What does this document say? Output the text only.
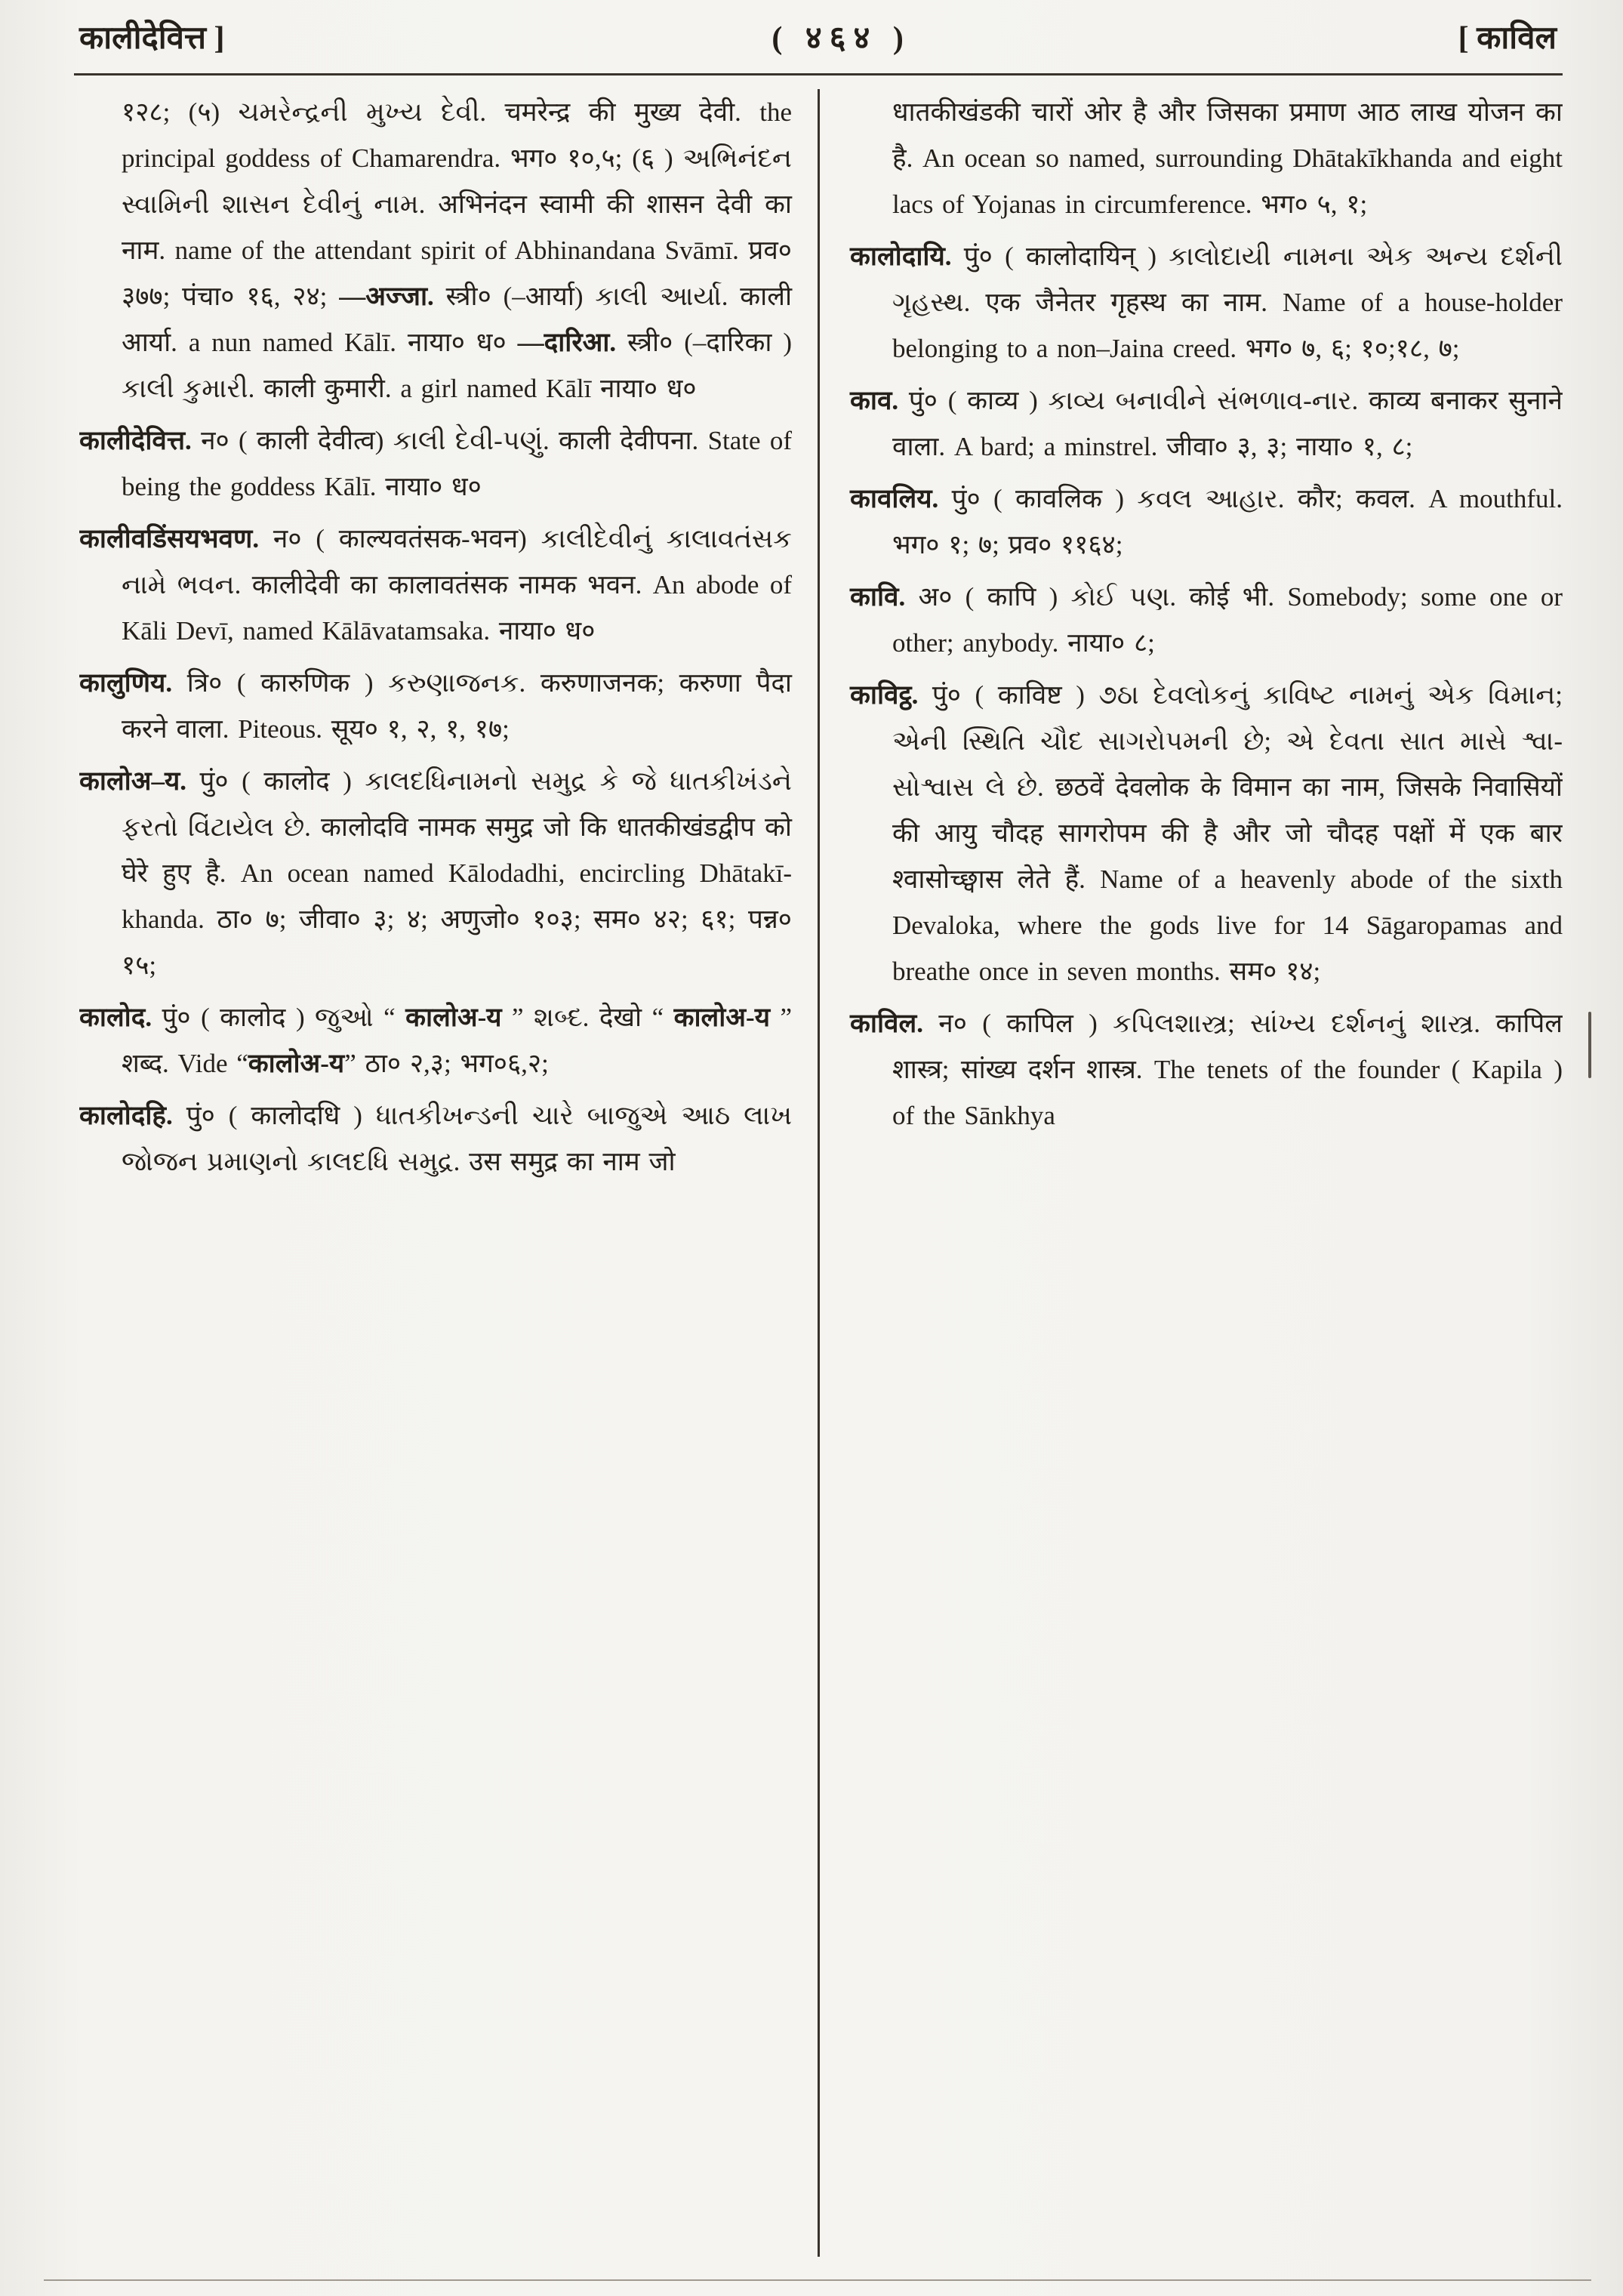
कालीदेवित्त ]	( ४६४ )	[ काविल

१२८; (५) ચમરેન્દ્રની મુખ્ય દેવી. चमरेन्द्र की मुख्य देवी. the principal goddess of Chamarendra. भग० १०,५; (६ ) અભિનંદન સ્વામિની શાસન દેવીનું નામ. अभिनंदन स्वामी की शासन देवी का नाम. name of the attendant spirit of Abhinandana Svāmī. प्रव० ३७७; पंचा० १६, २४; —अज्जा. स्त्री० (–आर्या) કાલી આર્યા. काली आर्या. a nun named Kālī. नाया० ध० —दारिआ. स्त्री० (–दारिका ) કાલી કુમારી. काली कुमारी. a girl named Kālī नाया० ध०

कालीदेवित्त. न० ( काली देवीत्व) કાલી દેવી-પણું. काली देवीपना. State of being the goddess Kālī. नाया० ध०

कालीवडिंसयभवण. न० ( काल्यवतंसक-भवन) કાલીદેવીનું કાલાવતંસક નામે ભવન. कालीदेवी का कालावतंसक नामक भवन. An abode of Kāli Devī, named Kālāvatamsaka. नाया० ध०

कालुणिय. त्रि० ( कारुणिक ) કરુણાજનક. करुणाजनक; करुणा पैदा करने वाला. Piteous. सूय० १, २, १, १७;

कालोअ–य. पुं० ( कालोद ) કાલદધિનામનો સમુદ્ર કે જે ધાતકીખંડને ફરતો વિંટાયેલ છે. कालोदवि नामक समुद्र जो कि धातकीखंडद्वीप को घेरे हुए है. An ocean named Kālodadhi, encircling Dhātakī-khanda. ठा० ७; जीवा० ३; ४; अणुजो० १०३; सम० ४२; ६१; पन्न० १५;

कालोद. पुं० ( कालोद ) જુઓ “ कालोअ-य ” શબ્દ. देखो “ कालोअ-य ” शब्द. Vide “कालोअ-य” ठा० २,३; भग०६,२;

कालोदहि. पुं० ( कालोदधि ) ધાતકીખન્ડની ચારે બાજુએ આઠ લાખ જોજન પ્રમાણનો કાલદધિ સમુદ્ર. उस समुद्र का नाम जो

धातकीखंडकी चारों ओर है और जिसका प्रमाण आठ लाख योजन का है. An ocean so named, surrounding Dhātakīkhanda and eight lacs of Yojanas in circumference. भग० ५, १;

कालोदायि. पुं० ( कालोदायिन् ) કાલોદાયી નામના એક અન્ય દર્શની ગૃહસ્થ. एक जैनेतर गृहस्थ का नाम. Name of a house-holder belonging to a non–Jaina creed. भग० ७, ६; १०;१८, ७;

काव. पुं० ( काव्य ) કાવ્ય બનાવીને સંભળાવ-નાર. काव्य बनाकर सुनाने वाला. A bard; a minstrel. जीवा० ३, ३; नाया० १, ८;

कावलिय. पुं० ( कावलिक ) કવલ આહાર. कौर; कवल. A mouthful. भग० १; ७; प्रव० ११६४;

कावि. अ० ( कापि ) કોઈ પણ. कोई भी. Somebody; some one or other; anybody. नाया० ८;

काविट्ठ. पुं० ( काविष्ट ) ૭ઠા દેવલોકનું કાવિષ્ટ નામનું એક વિમાન; એની સ્થિતિ ચૌદ સાગરોપમની છે; એ દેવતા સાત માસે શ્વા-સોશ્વાસ લે છે. छठवें देवलोक के विमान का नाम, जिसके निवासियों की आयु चौदह सागरोपम की है और जो चौदह पक्षों में एक बार श्वासोच्छ्वास लेते हैं. Name of a heavenly abode of the sixth Devaloka, where the gods live for 14 Sāgaropamas and breathe once in seven months. सम० १४;

काविल. न० ( कापिल ) કપિલશાસ્ત્ર; સાંખ્ય દર્શનનું શાસ્ત્ર. कापिल शास्त्र; सांख्य दर्शन शास्त्र. The tenets of the founder ( Kapila ) of the Sānkhya
